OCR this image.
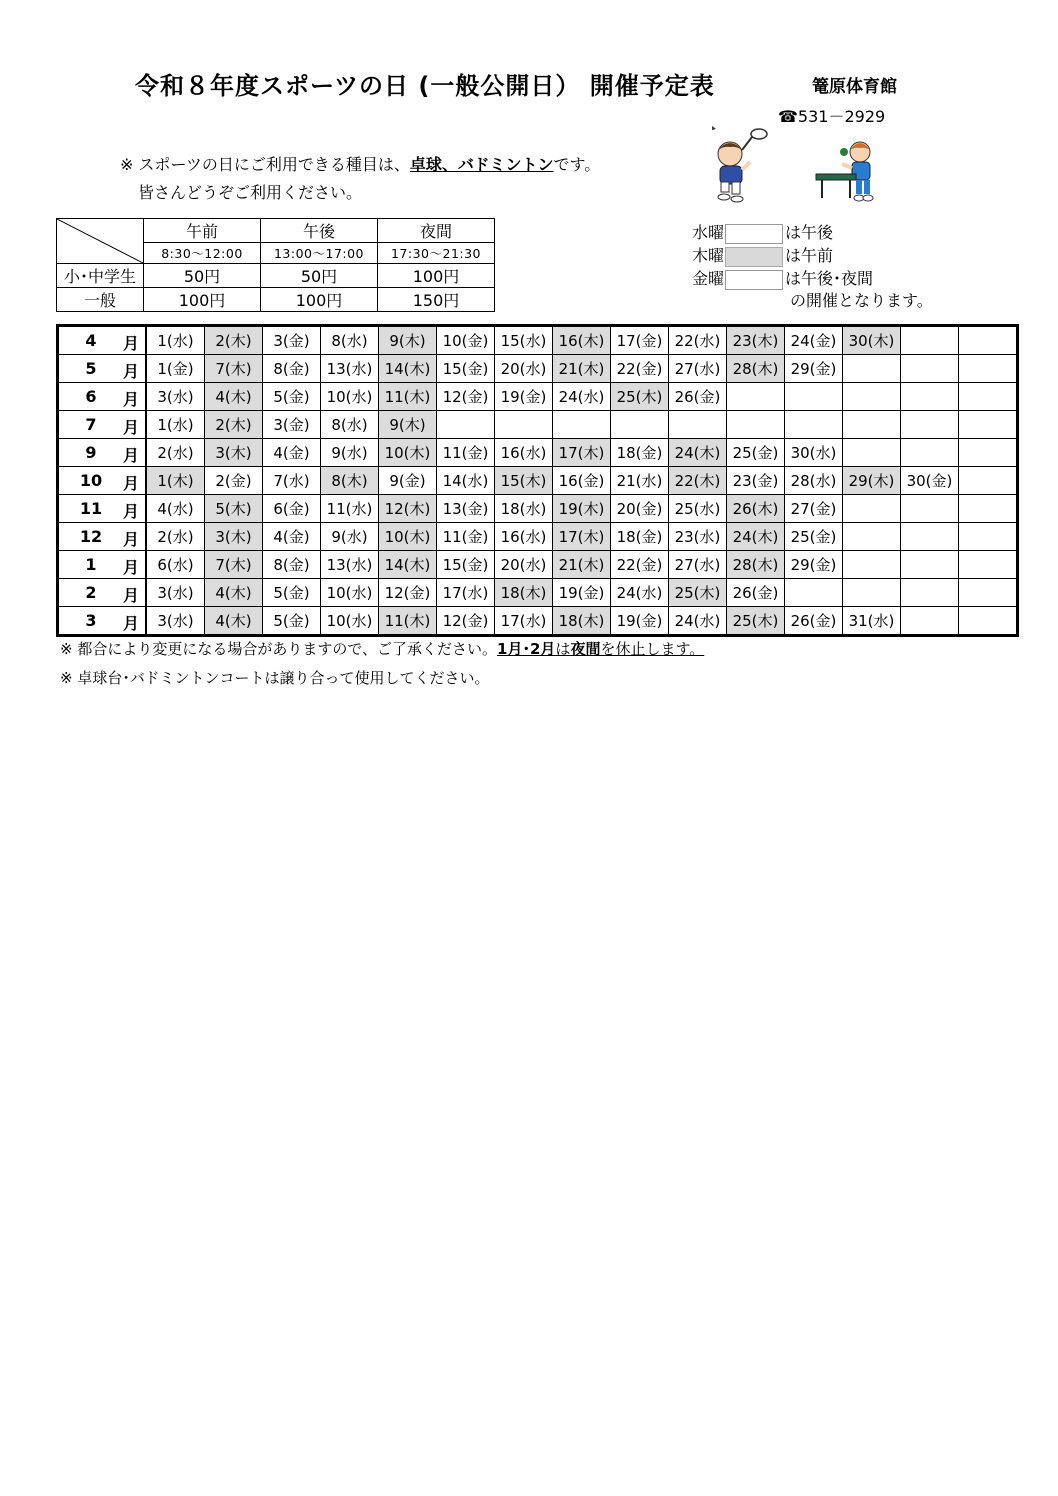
令和８年度スポーツの日 (一般公開日） 開催予定表	篭原体育館
☎531－2929
※ スポーツの日にご利用できる種目は、卓球、バドミントンです。
皆さんどうぞご利用ください。
	午前	午後	夜間
	8:30～12:00	13:00～17:00	17:30～21:30
小･中学生	50円	50円	100円
一般	100円	100円	150円
水曜	は午後
木曜	は午前
金曜	は午後･夜間
の開催となります。
4 月	1(水)	2(木)	3(金)	8(水)	9(木)	10(金)	15(水)	16(木)	17(金)	22(水)	23(木)	24(金)	30(木)		

5 月	1(金)	7(木)	8(金)	13(水)	14(木)	15(金)	20(水)	21(木)	22(金)	27(水)	28(木)	29(金)			

6 月	3(水)	4(木)	5(金)	10(水)	11(木)	12(金)	19(金)	24(水)	25(木)	26(金)					

7 月	1(水)	2(木)	3(金)	8(水)	9(木)										

9 月	2(水)	3(木)	4(金)	9(水)	10(木)	11(金)	16(水)	17(木)	18(金)	24(木)	25(金)	30(水)			

10 月	1(木)	2(金)	7(水)	8(木)	9(金)	14(水)	15(木)	16(金)	21(水)	22(木)	23(金)	28(水)	29(木)	30(金)	

11 月	4(水)	5(木)	6(金)	11(水)	12(木)	13(金)	18(水)	19(木)	20(金)	25(水)	26(木)	27(金)			

12 月	2(水)	3(木)	4(金)	9(水)	10(木)	11(金)	16(水)	17(木)	18(金)	23(水)	24(木)	25(金)			

1 月	6(水)	7(木)	8(金)	13(水)	14(木)	15(金)	20(水)	21(木)	22(金)	27(水)	28(木)	29(金)			

2 月	3(水)	4(木)	5(金)	10(水)	12(金)	17(水)	18(木)	19(金)	24(水)	25(木)	26(金)				

3 月	3(水)	4(木)	5(金)	10(水)	11(木)	12(金)	17(水)	18(木)	19(金)	24(水)	25(木)	26(金)	31(水)		
※ 都合により変更になる場合がありますので、ご了承ください。1月･2月は夜間を休止します。
※ 卓球台･バドミントンコートは譲り合って使用してください。
